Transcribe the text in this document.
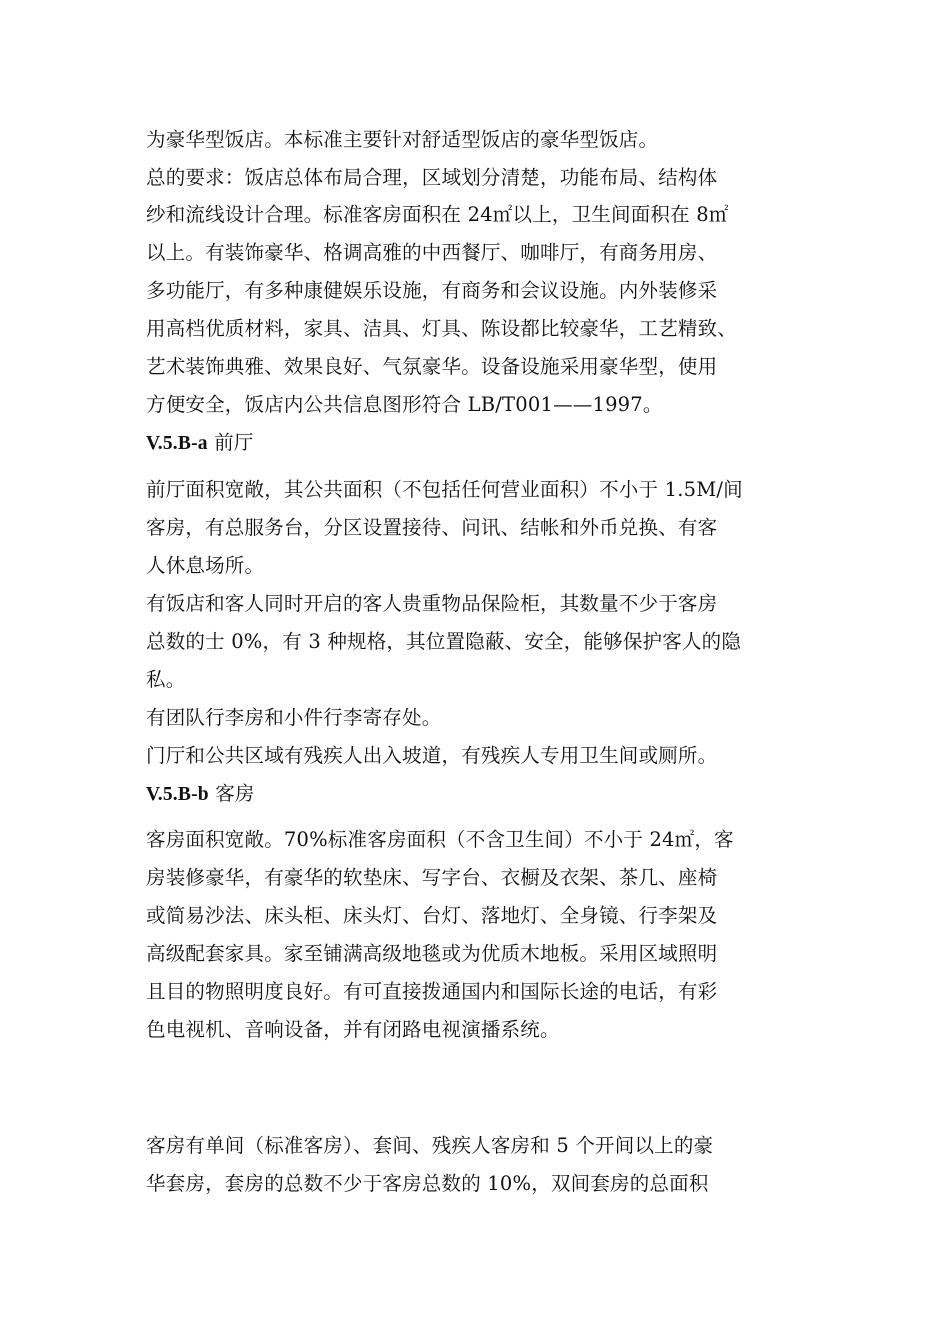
为豪华型饭店。本标准主要针对舒适型饭店的豪华型饭店。
总的要求：饭店总体布局合理，区域划分清楚，功能布局、结构体
纱和流线设计合理。标准客房面积在 24㎡以上，卫生间面积在 8㎡
以上。有装饰豪华、格调高雅的中西餐厅、咖啡厅，有商务用房、
多功能厅，有多种康健娱乐设施，有商务和会议设施。内外装修采
用高档优质材料，家具、洁具、灯具、陈设都比较豪华，工艺精致、
艺术装饰典雅、效果良好、气氛豪华。设备设施采用豪华型，使用
方便安全，饭店内公共信息图形符合 LB/T001——1997。
V.5.B-a 前厅
前厅面积宽敞，其公共面积（不包括任何营业面积）不小于 1.5M/间
客房，有总服务台，分区设置接待、问讯、结帐和外币兑换、有客
人休息场所。
有饭店和客人同时开启的客人贵重物品保险柜，其数量不少于客房
总数的士 0%，有 3 种规格，其位置隐蔽、安全，能够保护客人的隐
私。
有团队行李房和小件行李寄存处。
门厅和公共区域有残疾人出入坡道，有残疾人专用卫生间或厕所。
V.5.B-b 客房
客房面积宽敞。70%标准客房面积（不含卫生间）不小于 24㎡，客
房装修豪华，有豪华的软垫床、写字台、衣橱及衣架、茶几、座椅
或简易沙法、床头柜、床头灯、台灯、落地灯、全身镜、行李架及
高级配套家具。家至铺满高级地毯或为优质木地板。采用区域照明
且目的物照明度良好。有可直接拨通国内和国际长途的电话，有彩
色电视机、音响设备，并有闭路电视演播系统。
客房有单间（标准客房）、套间、残疾人客房和 5 个开间以上的豪
华套房，套房的总数不少于客房总数的 10%，双间套房的总面积
